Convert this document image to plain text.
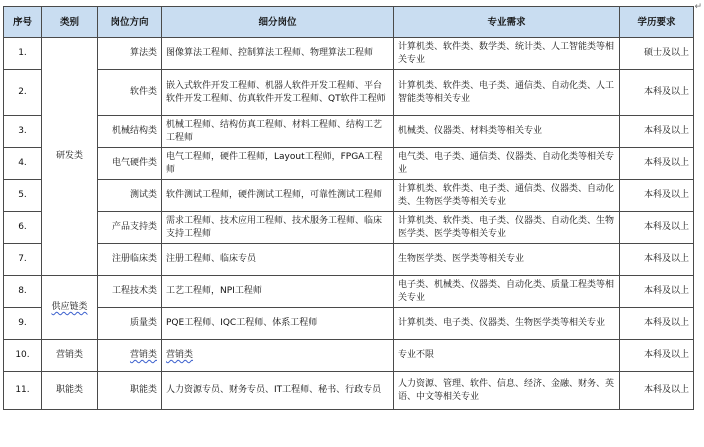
↵
序号	类别	岗位方向	细分岗位	专业需求	学历要求
1.	研发类	算法类	图像算法工程师、控制算法工程师、物理算法工程师	计算机类、软件类、数学类、统计类、人工智能类等相关专业	硕士及以上
2.		软件类	嵌入式软件开发工程师、机器人软件开发工程师、平台软件开发工程师、仿真软件开发工程师、QT软件工程师	计算机类、软件类、电子类、通信类、自动化类、人工智能类等相关专业	本科及以上
3.		机械结构类	机械工程师、结构仿真工程师、材料工程师、结构工艺工程师	机械类、仪器类、材料类等相关专业	本科及以上
4.		电气硬件类	电气工程师，硬件工程师，Layout工程师，FPGA工程师	电气类、电子类、通信类、仪器类、自动化类等相关专业	本科及以上
5.		测试类	软件测试工程师，硬件测试工程师，可靠性测试工程师	计算机类、软件类、电子类、通信类、仪器类、自动化类、生物医学类等相关专业	本科及以上
6.		产品支持类	需求工程师、技术应用工程师、技术服务工程师、临床支持工程师	计算机类、软件类、电子类、仪器类、自动化类、生物医学类、医学类等相关专业	本科及以上
7.		注册临床类	注册工程师、临床专员	生物医学类、医学类等相关专业	本科及以上
8.	供应链类	工程技术类	工艺工程师，NPI工程师	电子类、机械类、仪器类、自动化类、质量工程类等相关专业	本科及以上
9.		质量类	PQE工程师、IQC工程师、体系工程师	计算机类、电子类、仪器类、生物医学类等相关专业	本科及以上
10.	营销类	营销类	营销类	专业不限	本科及以上
11.	职能类	职能类	人力资源专员、财务专员、IT工程师、秘书、行政专员	人力资源、管理、软件、信息、经济、金融、财务、英语、中文等相关专业	本科及以上
